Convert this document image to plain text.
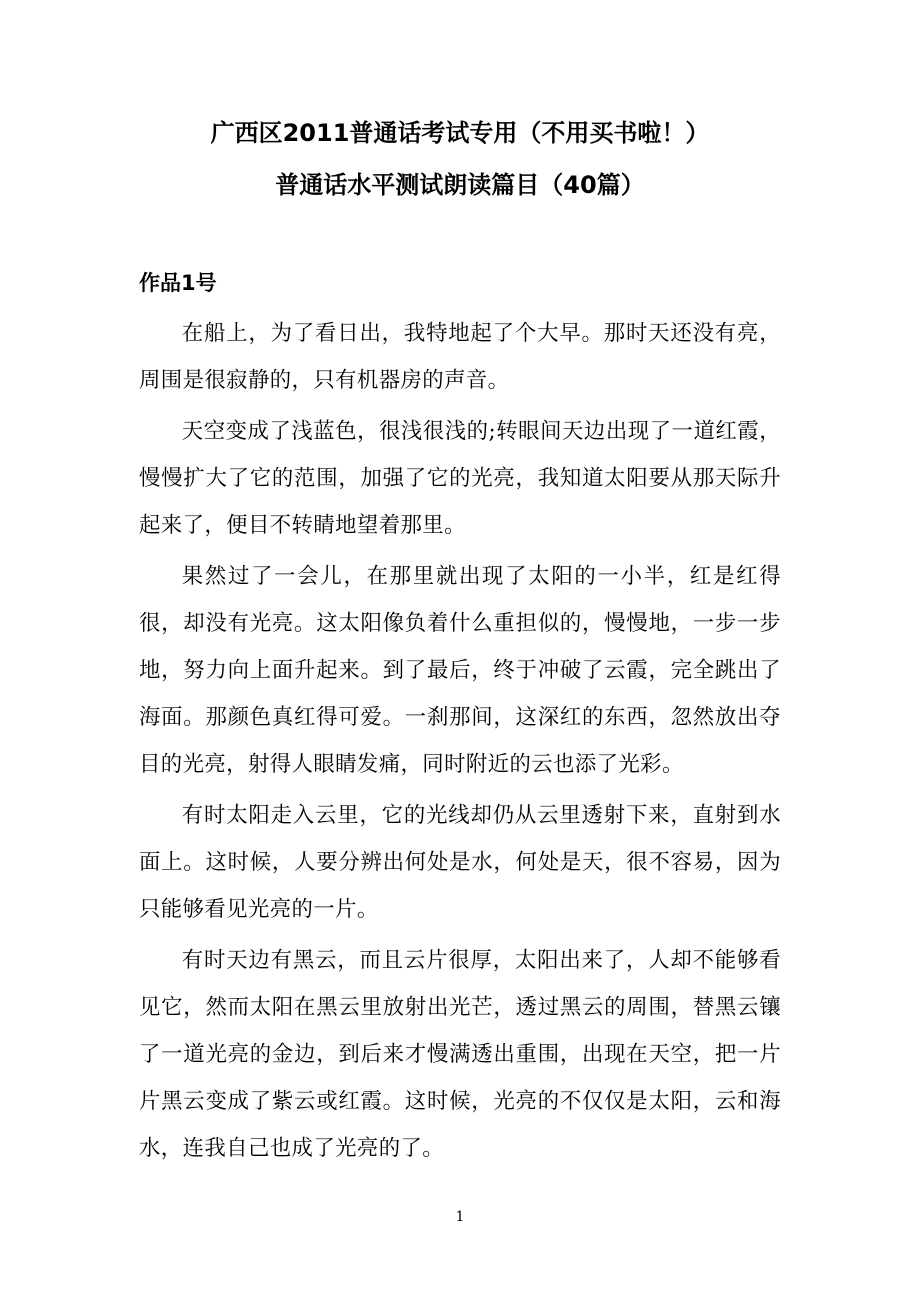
广西区2011普通话考试专用（不用买书啦！）
普通话水平测试朗读篇目（40篇）
作品1号

在船上，为了看日出，我特地起了个大早。那时天还没有亮，周围是很寂静的，只有机器房的声音。

天空变成了浅蓝色，很浅很浅的;转眼间天边出现了一道红霞，慢慢扩大了它的范围，加强了它的光亮，我知道太阳要从那天际升起来了，便目不转睛地望着那里。

果然过了一会儿，在那里就出现了太阳的一小半，红是红得很，却没有光亮。这太阳像负着什么重担似的，慢慢地，一步一步地，努力向上面升起来。到了最后，终于冲破了云霞，完全跳出了海面。那颜色真红得可爱。一刹那间，这深红的东西，忽然放出夺目的光亮，射得人眼睛发痛，同时附近的云也添了光彩。

有时太阳走入云里，它的光线却仍从云里透射下来，直射到水面上。这时候，人要分辨出何处是水，何处是天，很不容易，因为只能够看见光亮的一片。

有时天边有黑云，而且云片很厚，太阳出来了，人却不能够看见它，然而太阳在黑云里放射出光芒，透过黑云的周围，替黑云镶了一道光亮的金边，到后来才慢满透出重围，出现在天空，把一片片黑云变成了紫云或红霞。这时候，光亮的不仅仅是太阳，云和海水，连我自己也成了光亮的了。

1
